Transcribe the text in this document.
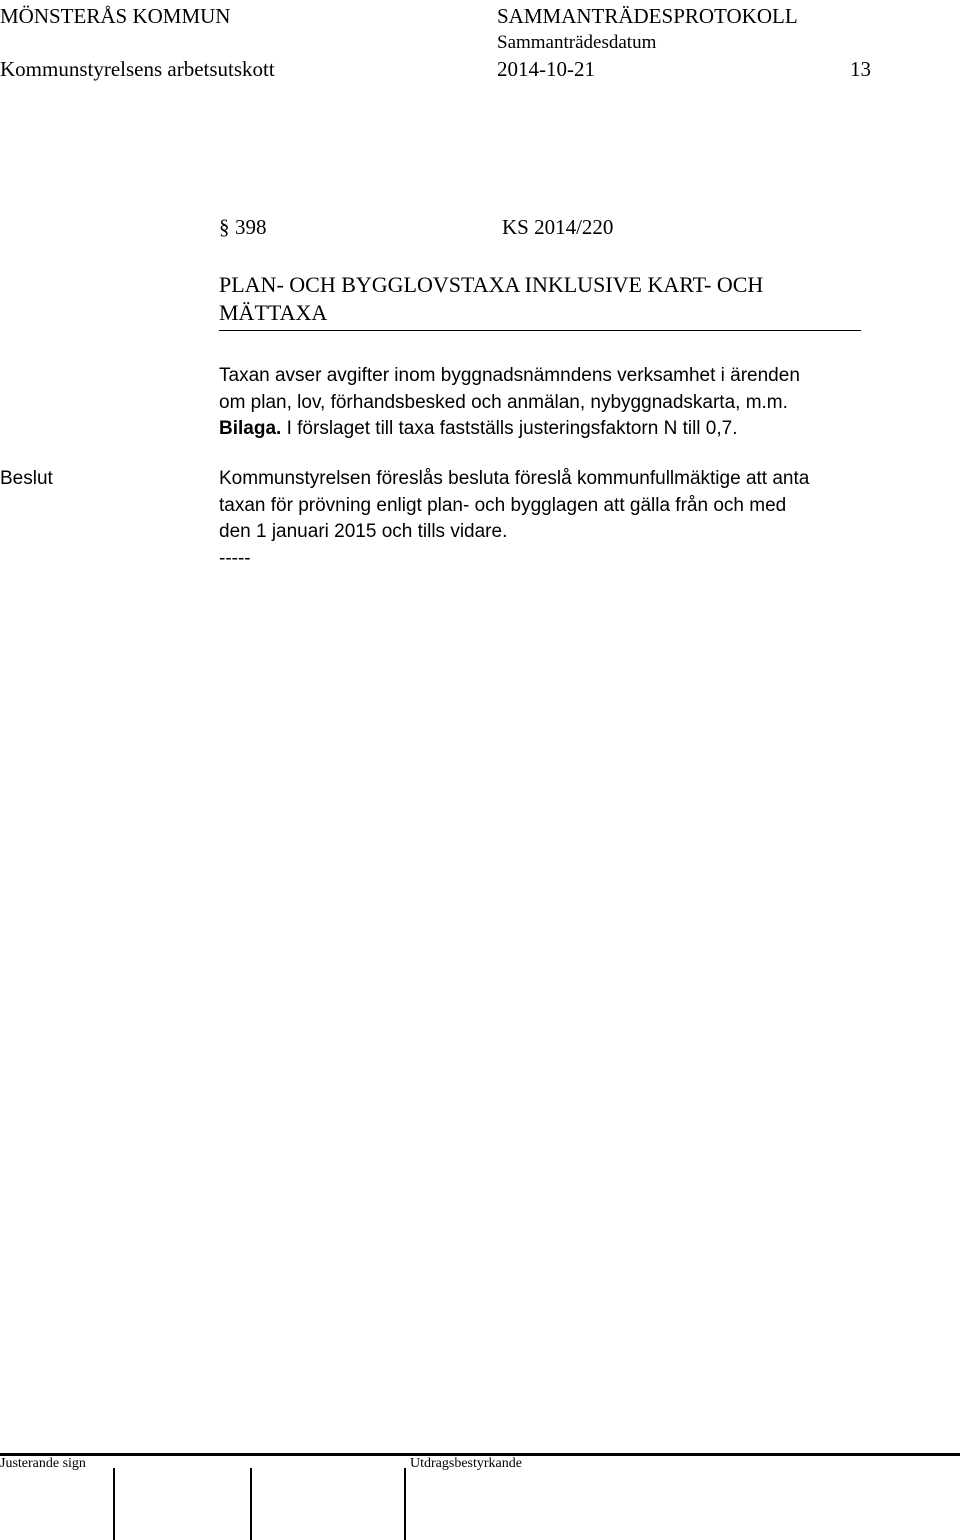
MÖNSTERÅS KOMMUN	SAMMANTRÄDESPROTOKOLL
Sammanträdesdatum
Kommunstyrelsens arbetsutskott	2014-10-21	13
§ 398	KS 2014/220
PLAN- OCH BYGGLOVSTAXA INKLUSIVE KART- OCH MÄTTAXA
Taxan avser avgifter inom byggnadsnämndens verksamhet i ärenden
om plan, lov, förhandsbesked och anmälan, nybyggnadskarta, m.m.
Bilaga. I förslaget till taxa fastställs justeringsfaktorn N till 0,7.
Beslut	Kommunstyrelsen föreslås besluta föreslå kommunfullmäktige att anta
taxan för prövning enligt plan- och bygglagen att gälla från och med
den 1 januari 2015 och tills vidare.
-----
Justerande sign	Utdragsbestyrkande
